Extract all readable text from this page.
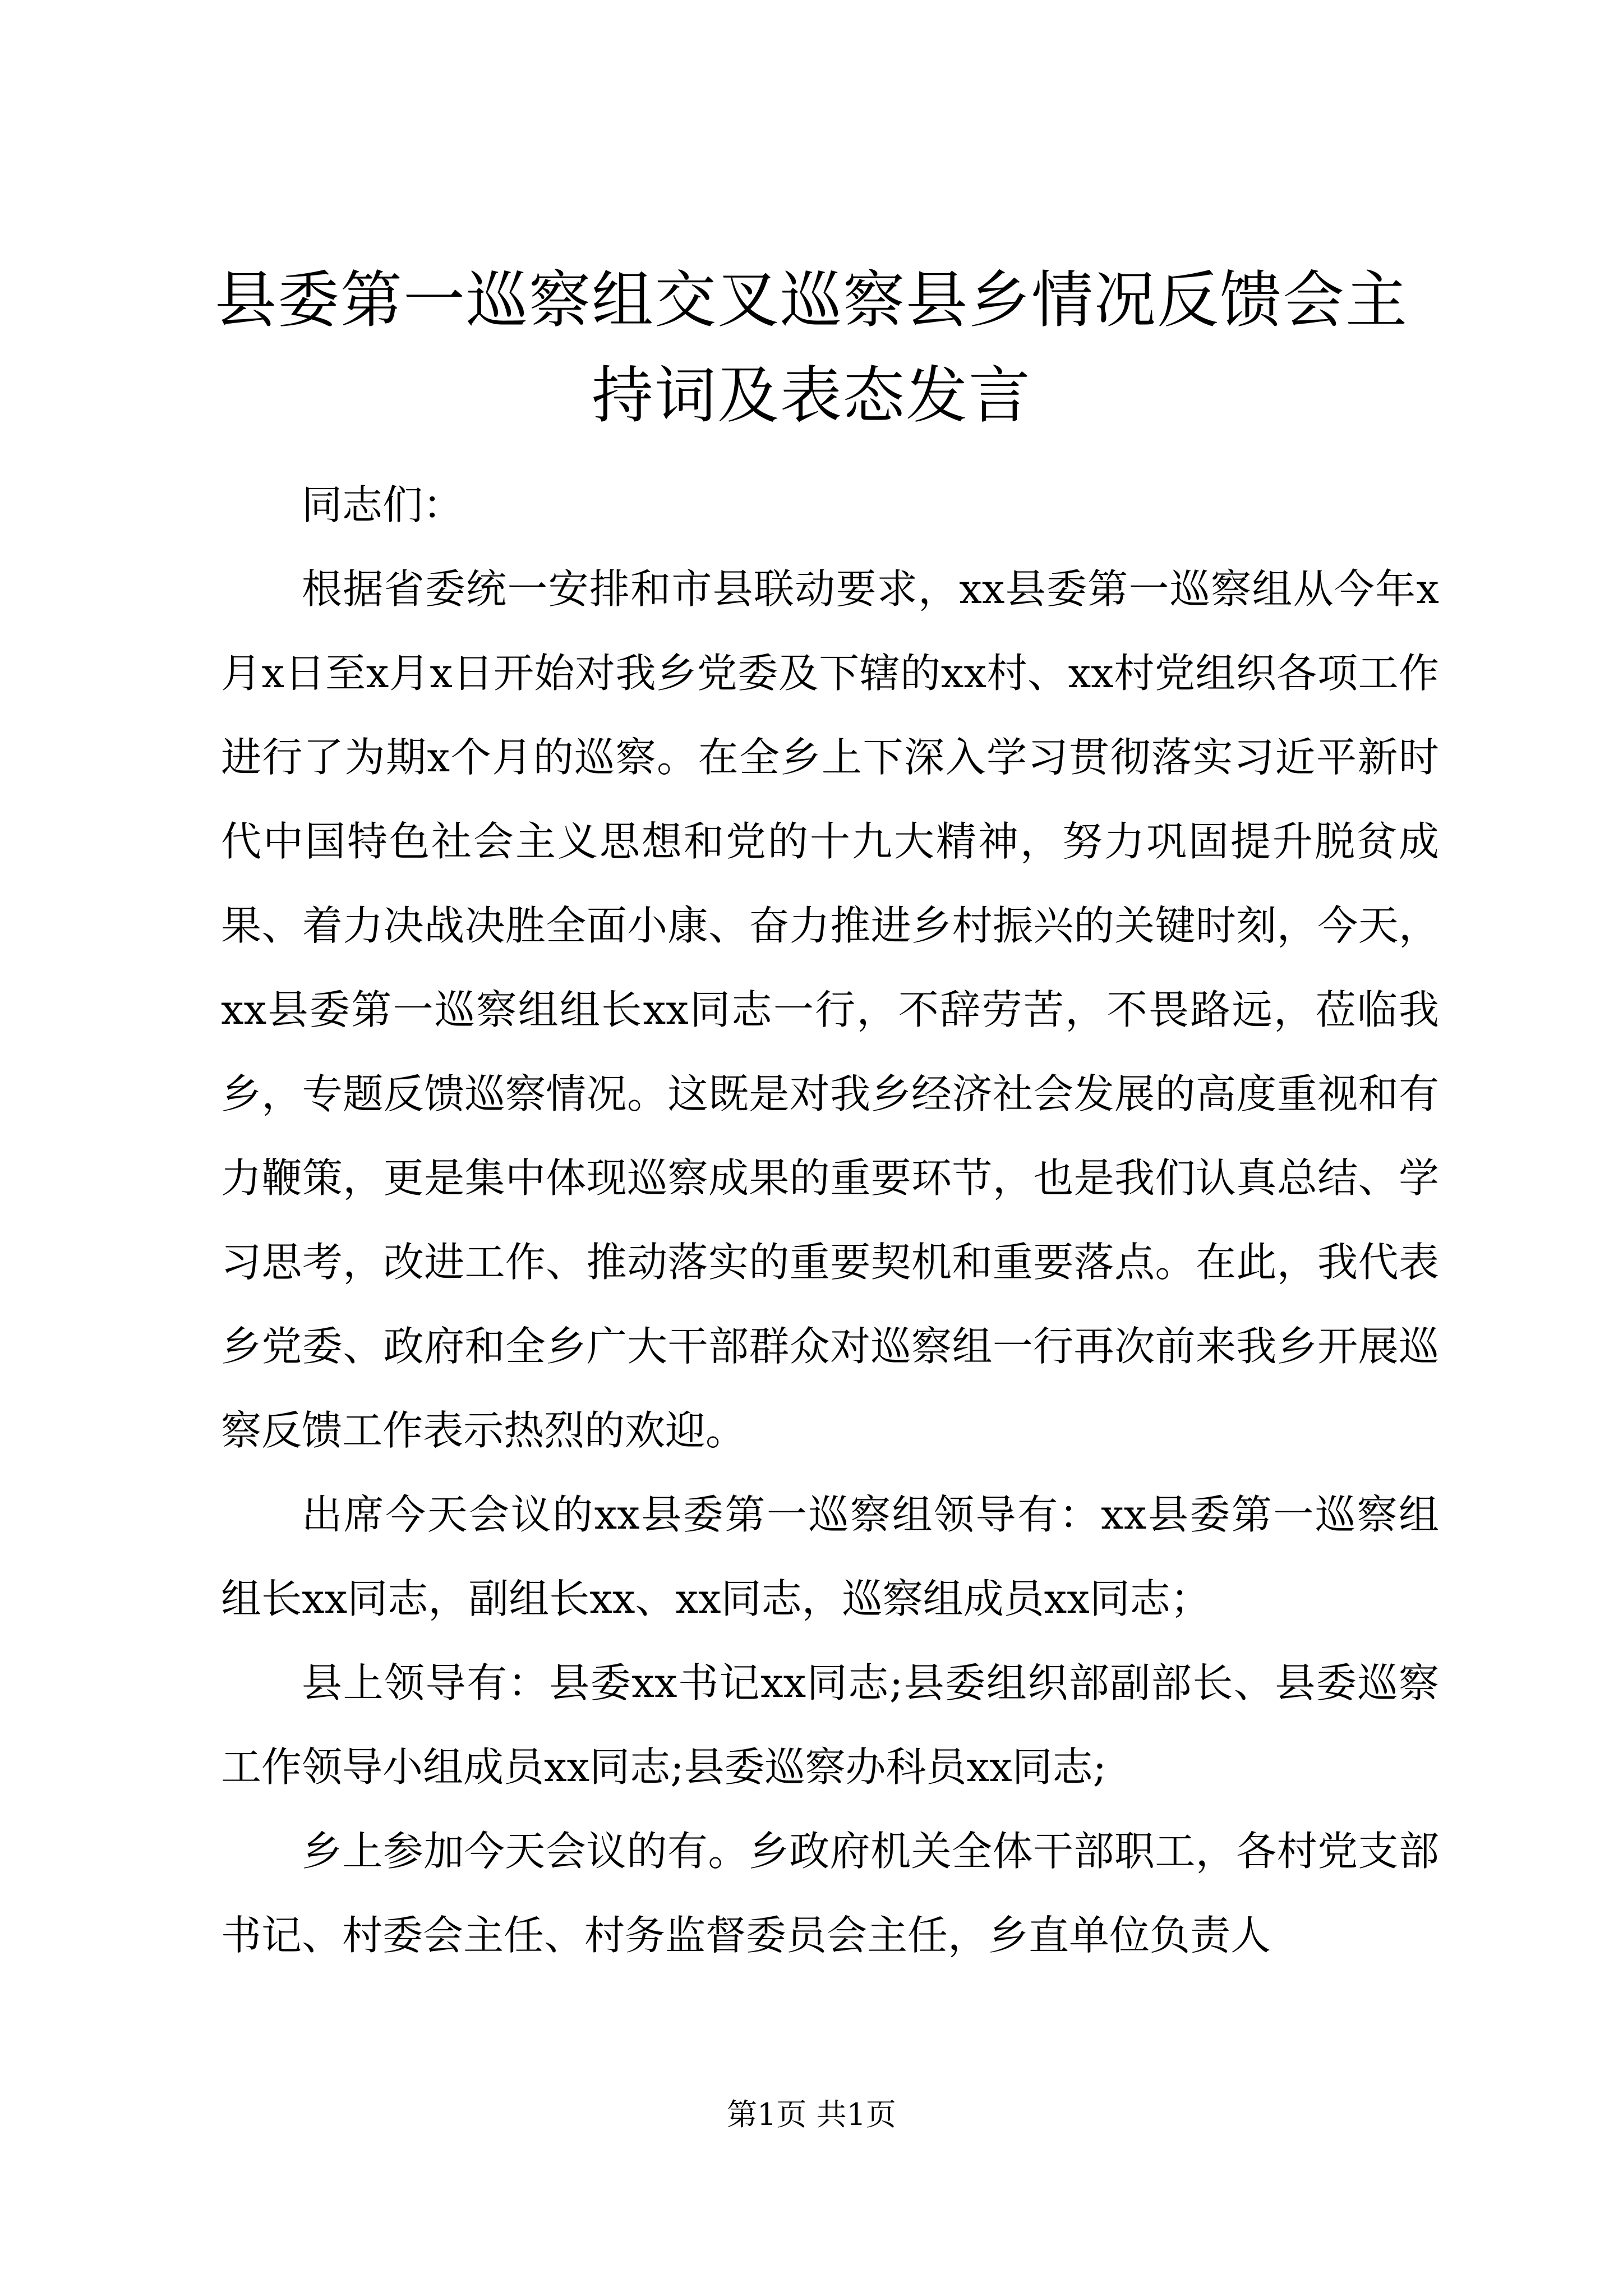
县委第一巡察组交叉巡察县乡情况反馈会主持词及表态发言

同志们：

根据省委统一安排和市县联动要求，xx县委第一巡察组从今年x月x日至x月x日开始对我乡党委及下辖的xx村、xx村党组织各项工作进行了为期x个月的巡察。在全乡上下深入学习贯彻落实习近平新时代中国特色社会主义思想和党的十九大精神，努力巩固提升脱贫成果、着力决战决胜全面小康、奋力推进乡村振兴的关键时刻，今天，xx县委第一巡察组组长xx同志一行，不辞劳苦，不畏路远，莅临我乡，专题反馈巡察情况。这既是对我乡经济社会发展的高度重视和有力鞭策，更是集中体现巡察成果的重要环节，也是我们认真总结、学习思考，改进工作、推动落实的重要契机和重要落点。在此，我代表乡党委、政府和全乡广大干部群众对巡察组一行再次前来我乡开展巡察反馈工作表示热烈的欢迎。

出席今天会议的xx县委第一巡察组领导有：xx县委第一巡察组组长xx同志，副组长xx、xx同志，巡察组成员xx同志；

县上领导有：县委xx书记xx同志;县委组织部副部长、县委巡察工作领导小组成员xx同志;县委巡察办科员xx同志;

乡上参加今天会议的有。乡政府机关全体干部职工，各村党支部书记、村委会主任、村务监督委员会主任，乡直单位负责人

第1页 共1页
